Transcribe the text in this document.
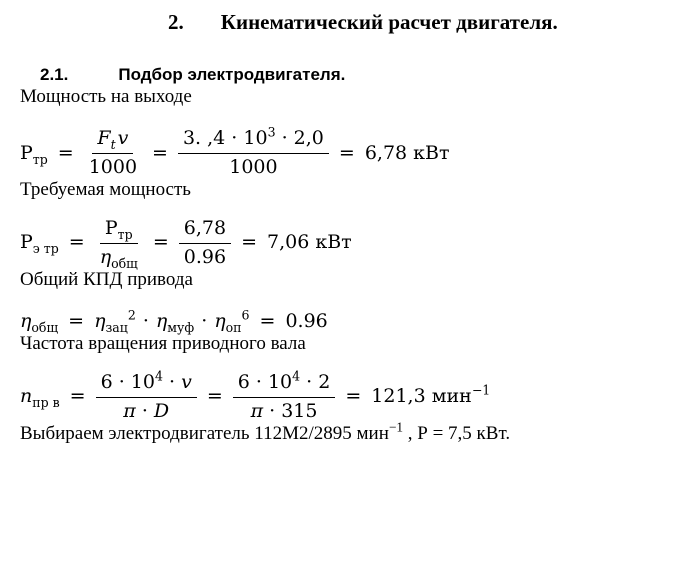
2. Кинематический расчет двигателя.
2.1.	Подбор электродвигателя.

Мощность на выходе

$Р_{тр} = \frac{F_t v}{1000} = \frac{3. ,4 \cdot 10^3 \cdot 2,0}{1000} = 6,78$ кВт

Требуемая мощность

$Р_{э тр} = \frac{Р_{тр}}{\eta_{общ}} = \frac{6,78}{0.96} = 7,06$ кВт

Общий КПД привода

$\eta_{общ} = \eta_{зац}^2 \cdot \eta_{муф} \cdot \eta_{оп}^6 = 0.96$

Частота вращения приводного вала

$n_{пр в} = \frac{6 \cdot 10^4 \cdot v}{\pi \cdot D} = \frac{6 \cdot 10^4 \cdot 2}{\pi \cdot 315} = 121,3$ мин$^{-1}$

Выбираем электродвигатель 112М2/2895 мин$^{-1}$ , Р = 7,5 кВт.
